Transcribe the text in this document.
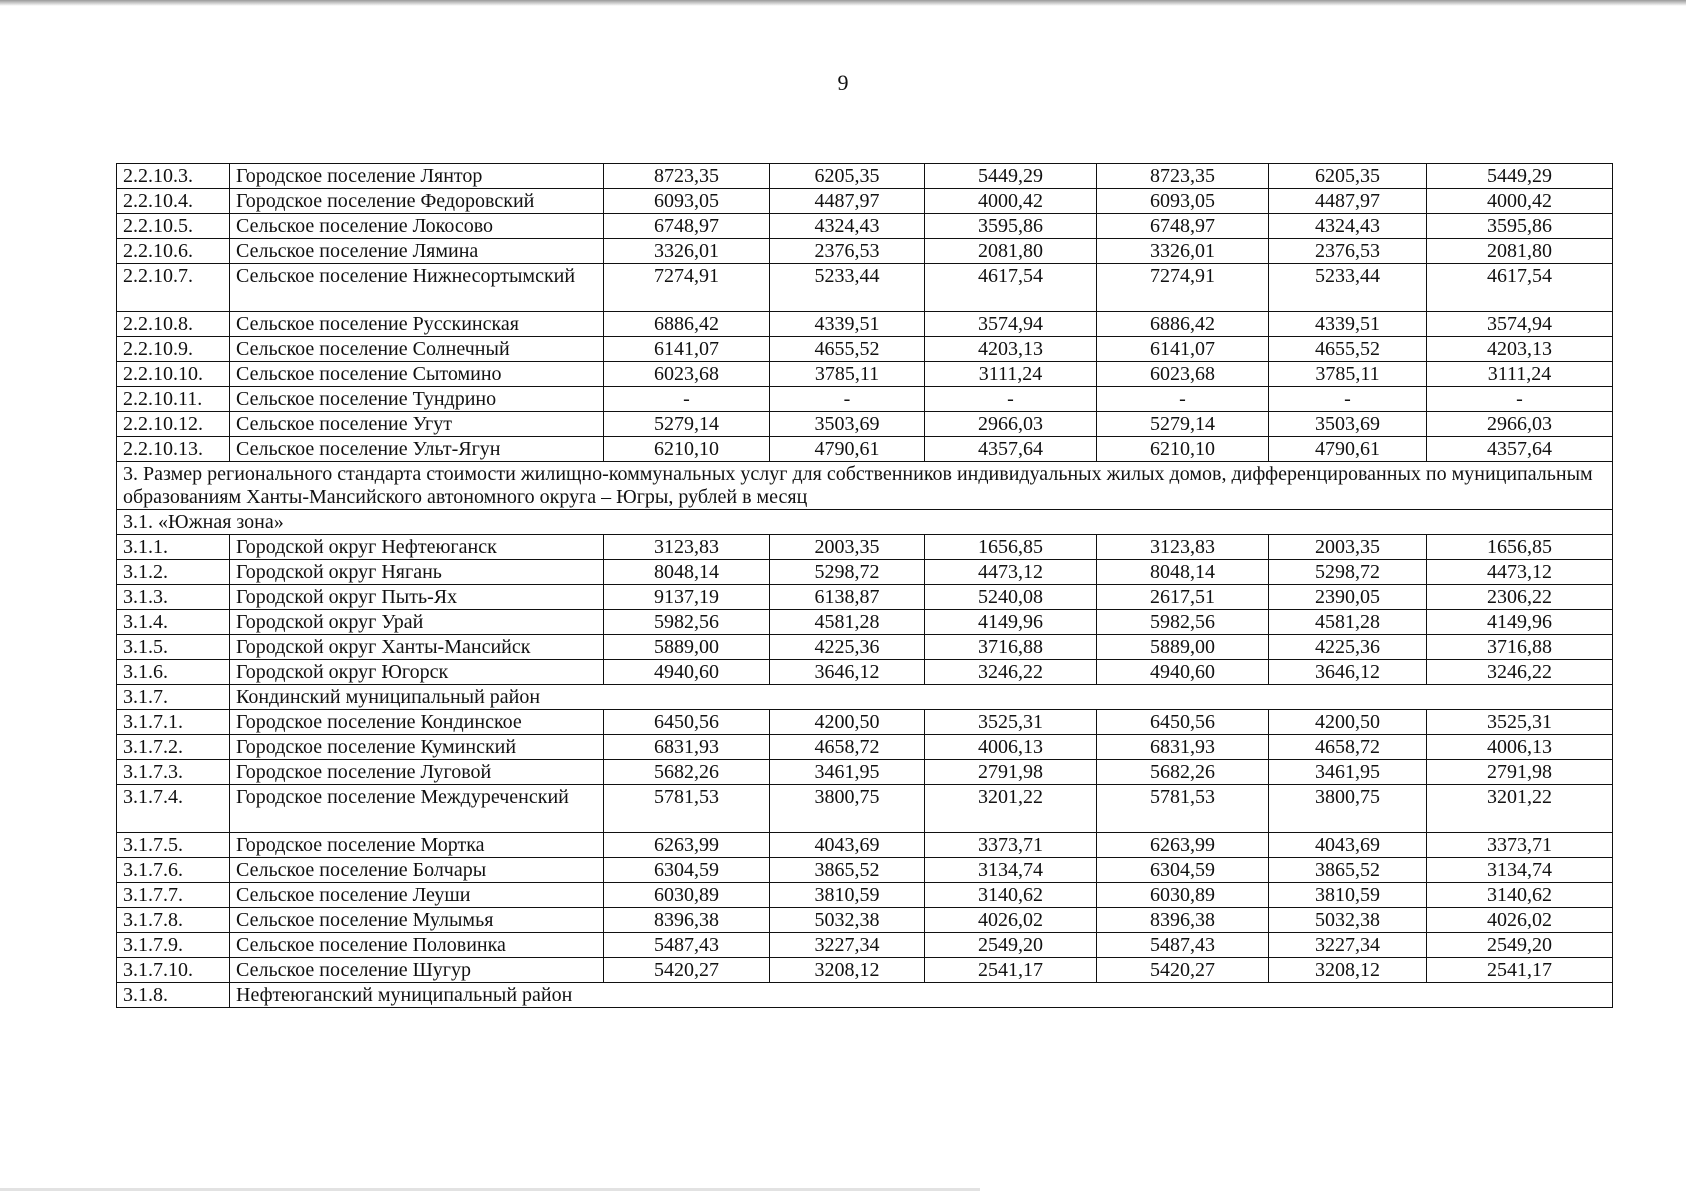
9
2.2.10.3.	Городское поселение Лянтор	8723,35	6205,35	5449,29	8723,35	6205,35	5449,29
2.2.10.4.	Городское поселение Федоровский	6093,05	4487,97	4000,42	6093,05	4487,97	4000,42
2.2.10.5.	Сельское поселение Локосово	6748,97	4324,43	3595,86	6748,97	4324,43	3595,86
2.2.10.6.	Сельское поселение Лямина	3326,01	2376,53	2081,80	3326,01	2376,53	2081,80
2.2.10.7.	Сельское поселение Нижнесортымский	7274,91	5233,44	4617,54	7274,91	5233,44	4617,54
2.2.10.8.	Сельское поселение Русскинская	6886,42	4339,51	3574,94	6886,42	4339,51	3574,94
2.2.10.9.	Сельское поселение Солнечный	6141,07	4655,52	4203,13	6141,07	4655,52	4203,13
2.2.10.10.	Сельское поселение Сытомино	6023,68	3785,11	3111,24	6023,68	3785,11	3111,24
2.2.10.11.	Сельское поселение Тундрино	-	-	-	-	-	-
2.2.10.12.	Сельское поселение Угут	5279,14	3503,69	2966,03	5279,14	3503,69	2966,03
2.2.10.13.	Сельское поселение Ульт-Ягун	6210,10	4790,61	4357,64	6210,10	4790,61	4357,64
3. Размер регионального стандарта стоимости жилищно-коммунальных услуг для собственников индивидуальных жилых домов, дифференцированных по муниципальным образованиям Ханты-Мансийского автономного округа – Югры, рублей в месяц							
3.1. «Южная зона»							
3.1.1.	Городской округ Нефтеюганск	3123,83	2003,35	1656,85	3123,83	2003,35	1656,85
3.1.2.	Городской округ Нягань	8048,14	5298,72	4473,12	8048,14	5298,72	4473,12
3.1.3.	Городской округ Пыть-Ях	9137,19	6138,87	5240,08	2617,51	2390,05	2306,22
3.1.4.	Городской округ Урай	5982,56	4581,28	4149,96	5982,56	4581,28	4149,96
3.1.5.	Городской округ Ханты-Мансийск	5889,00	4225,36	3716,88	5889,00	4225,36	3716,88
3.1.6.	Городской округ Югорск	4940,60	3646,12	3246,22	4940,60	3646,12	3246,22
3.1.7.	Кондинский муниципальный район						
3.1.7.1.	Городское поселение Кондинское	6450,56	4200,50	3525,31	6450,56	4200,50	3525,31
3.1.7.2.	Городское поселение Куминский	6831,93	4658,72	4006,13	6831,93	4658,72	4006,13
3.1.7.3.	Городское поселение Луговой	5682,26	3461,95	2791,98	5682,26	3461,95	2791,98
3.1.7.4.	Городское поселение Междуреченский	5781,53	3800,75	3201,22	5781,53	3800,75	3201,22
3.1.7.5.	Городское поселение Мортка	6263,99	4043,69	3373,71	6263,99	4043,69	3373,71
3.1.7.6.	Сельское поселение Болчары	6304,59	3865,52	3134,74	6304,59	3865,52	3134,74
3.1.7.7.	Сельское поселение Леуши	6030,89	3810,59	3140,62	6030,89	3810,59	3140,62
3.1.7.8.	Сельское поселение Мулымья	8396,38	5032,38	4026,02	8396,38	5032,38	4026,02
3.1.7.9.	Сельское поселение Половинка	5487,43	3227,34	2549,20	5487,43	3227,34	2549,20
3.1.7.10.	Сельское поселение Шугур	5420,27	3208,12	2541,17	5420,27	3208,12	2541,17
3.1.8.	Нефтеюганский муниципальный район						
